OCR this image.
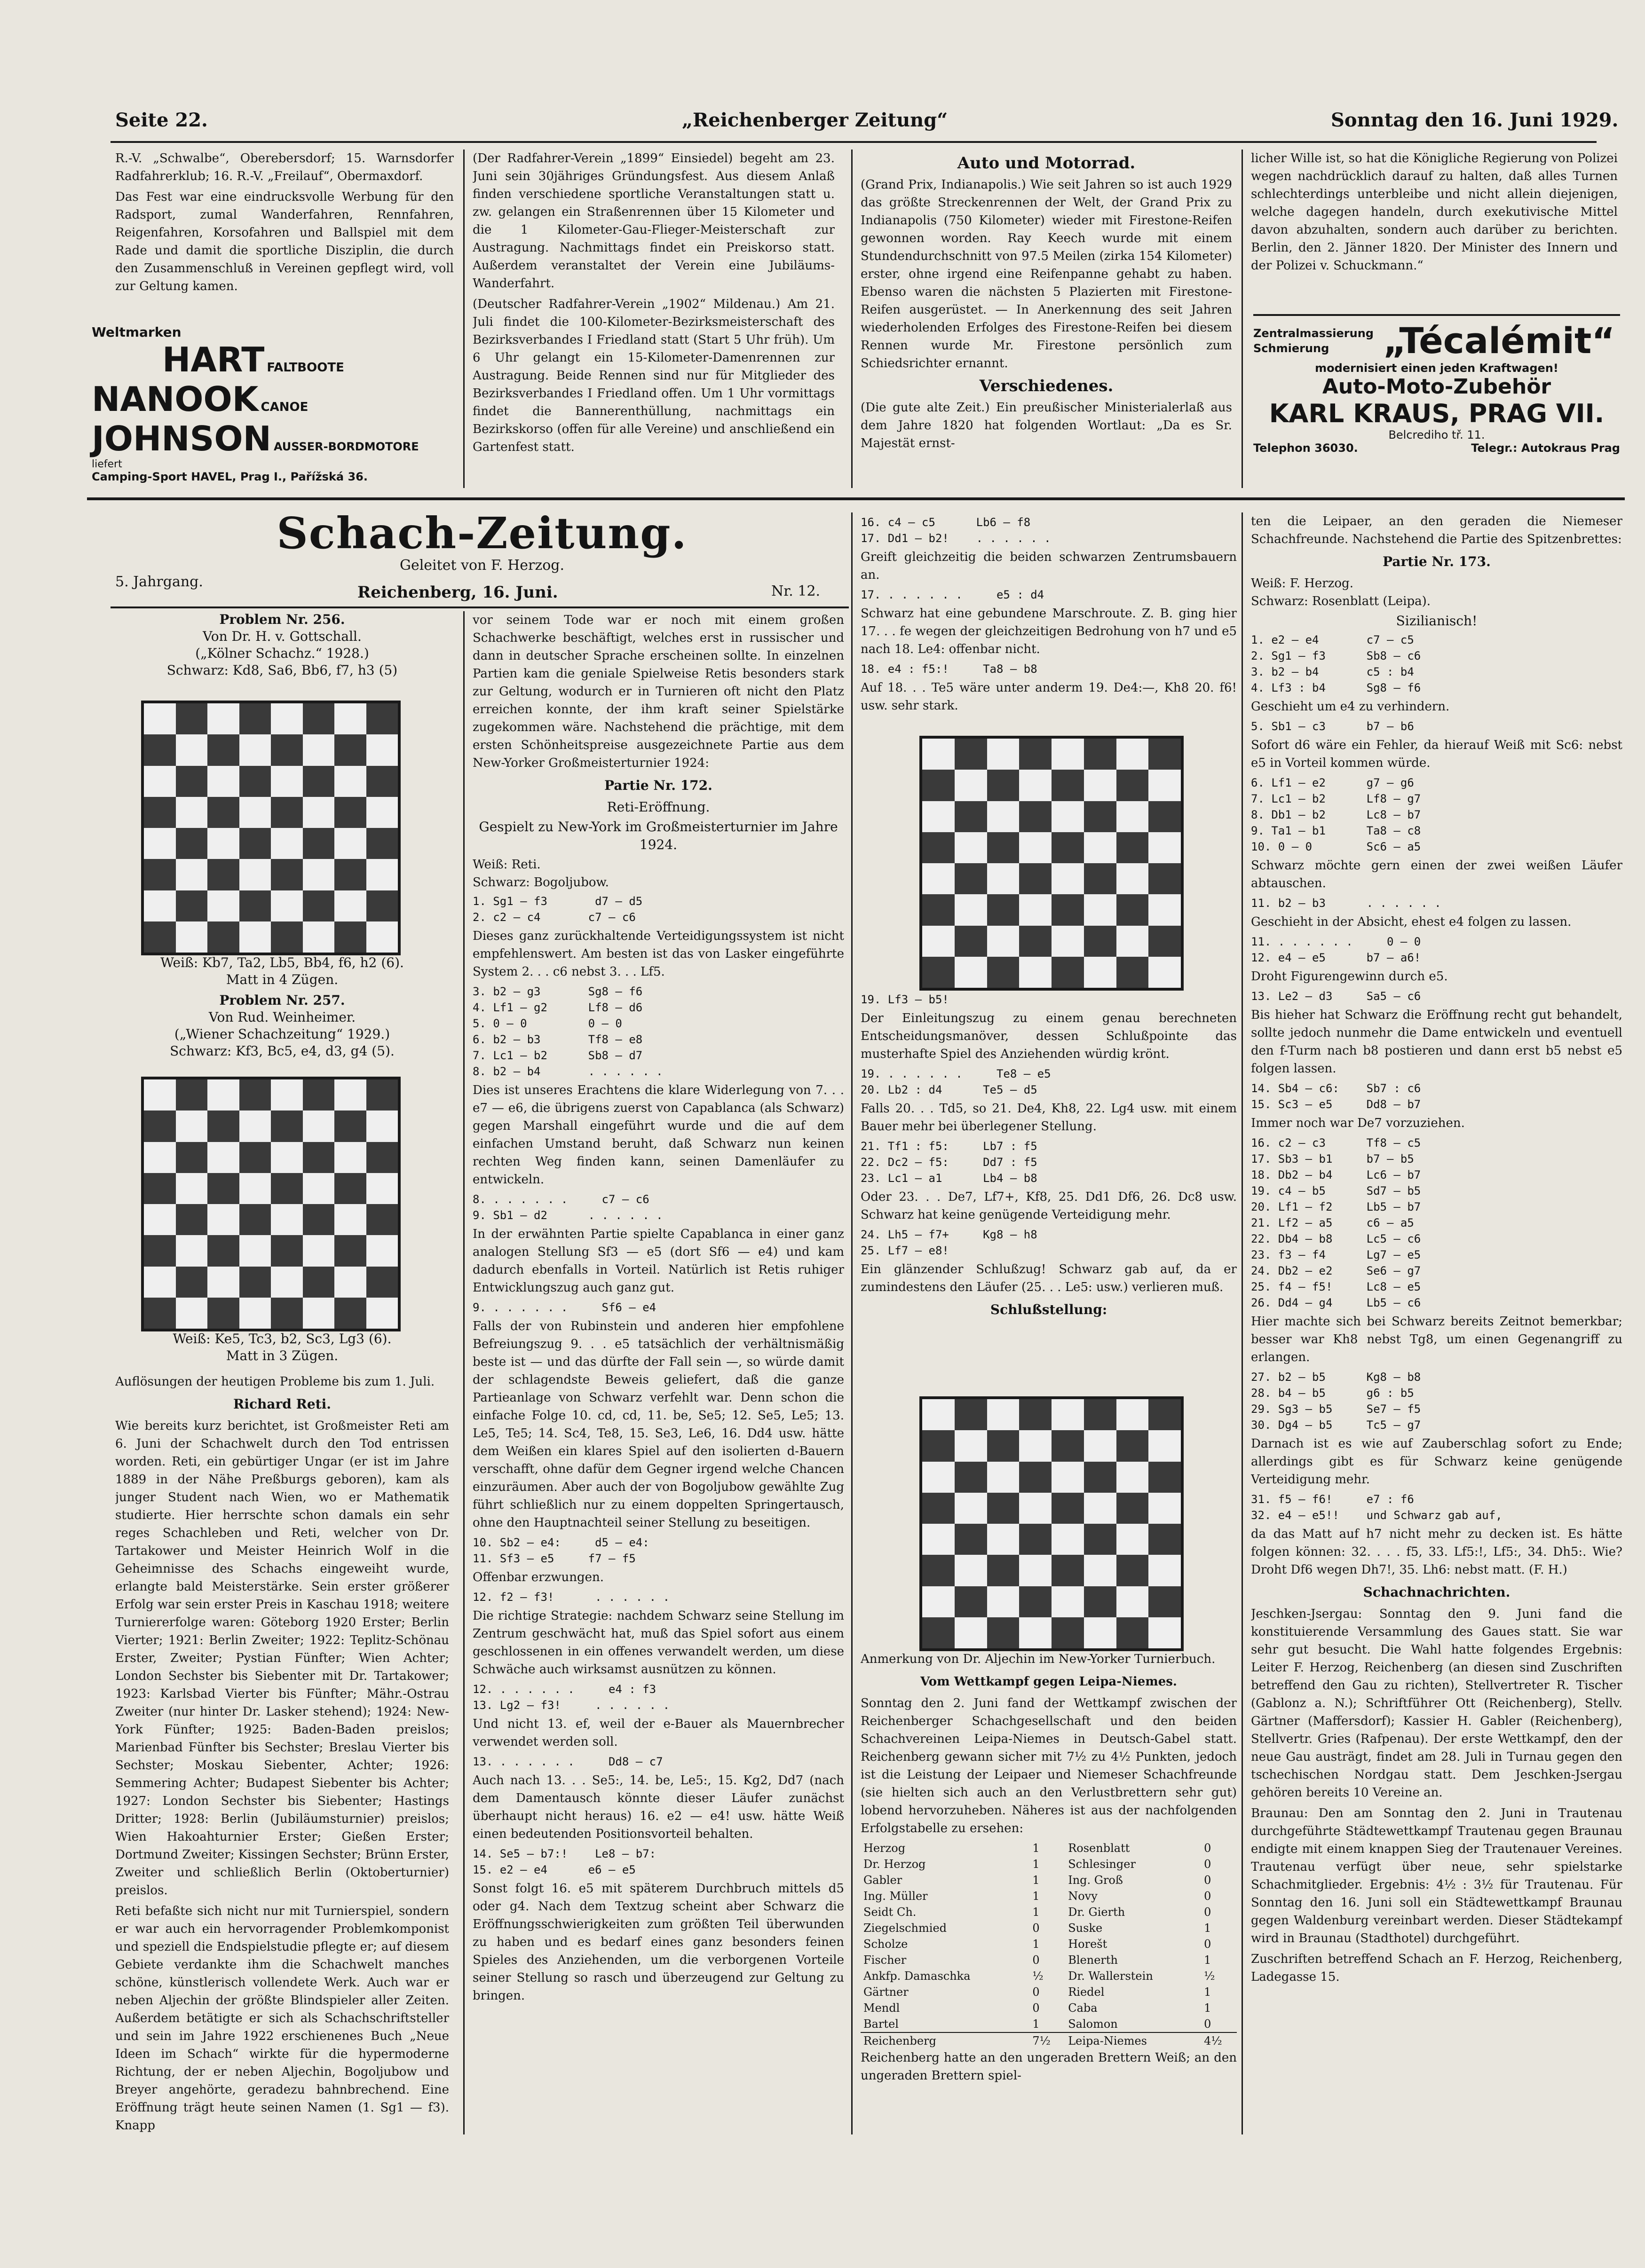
Seite 22.	„Reichenberger Zeitung“	Sonntag den 16. Juni 1929.

R.-V. „Schwalbe“, Oberebersdorf; 15. Warnsdorfer Radfahrerklub; 16. R.-V. „Freilauf“, Obermaxdorf.

Das Fest war eine eindrucksvolle Werbung für den Radsport, zumal Wanderfahren, Rennfahren, Reigenfahren, Korsofahren und Ballspiel mit dem Rade und damit die sportliche Disziplin, die durch den Zusammenschluß in Vereinen gepflegt wird, voll zur Geltung kamen.

Weltmarken
HART FALTBOOTE
NANOOK CANOE
JOHNSON AUSSER-BORDMOTORE
liefert
Camping-Sport HAVEL, Prag I., Pařížská 36.

(Der Radfahrer-Verein „1899“ Einsiedel) begeht am 23. Juni sein 30jähriges Gründungsfest. Aus diesem Anlaß finden verschiedene sportliche Veranstaltungen statt u. zw. gelangen ein Straßenrennen über 15 Kilometer und die 1 Kilometer-Gau-Flieger-Meisterschaft zur Austragung. Nachmittags findet ein Preiskorso statt. Außerdem veranstaltet der Verein eine Jubiläums-Wanderfahrt.

(Deutscher Radfahrer-Verein „1902“ Mildenau.) Am 21. Juli findet die 100-Kilometer-Bezirksmeisterschaft des Bezirksverbandes I Friedland statt (Start 5 Uhr früh). Um 6 Uhr gelangt ein 15-Kilometer-Damenrennen zur Austragung. Beide Rennen sind nur für Mitglieder des Bezirksverbandes I Friedland offen. Um 1 Uhr vormittags findet die Bannerenthüllung, nachmittags ein Bezirkskorso (offen für alle Vereine) und anschließend ein Gartenfest statt.

Auto und Motorrad.

(Grand Prix, Indianapolis.) Wie seit Jahren so ist auch 1929 das größte Streckenrennen der Welt, der Grand Prix zu Indianapolis (750 Kilometer) wieder mit Firestone-Reifen gewonnen worden. Ray Keech wurde mit einem Stundendurchschnitt von 97.5 Meilen (zirka 154 Kilometer) erster, ohne irgend eine Reifenpanne gehabt zu haben. Ebenso waren die nächsten 5 Plazierten mit Firestone-Reifen ausgerüstet. — In Anerkennung des seit Jahren wiederholenden Erfolges des Firestone-Reifen bei diesem Rennen wurde Mr. Firestone persönlich zum Schiedsrichter ernannt.

Verschiedenes.

(Die gute alte Zeit.) Ein preußischer Ministerialerlaß aus dem Jahre 1820 hat folgenden Wortlaut: „Da es Sr. Majestät ernst-

licher Wille ist, so hat die Königliche Regierung von Polizei wegen nachdrücklich darauf zu halten, daß alles Turnen schlechterdings unterbleibe und nicht allein diejenigen, welche dagegen handeln, durch exekutivische Mittel davon abzuhalten, sondern auch darüber zu berichten. Berlin, den 2. Jänner 1820. Der Minister des Innern und der Polizei v. Schuckmann.“

Zentralmassierung
Schmierung	„Técalémit“
modernisiert einen jeden Kraftwagen!
Auto-Moto-Zubehör
KARL KRAUS, PRAG VII.
Belcrediho tř. 11.
Telephon 36030.	Telegr.: Autokraus Prag
Schach-Zeitung.
Geleitet von F. Herzog.
5. Jahrgang.
Reichenberg, 16. Juni.	Nr. 12.
Problem Nr. 256.
Von Dr. H. v. Gottschall.
(„Kölner Schachz.“ 1928.)
Schwarz: Kd8, Sa6, Bb6, f7, h3 (5)
Weiß: Kb7, Ta2, Lb5, Bb4, f6, h2 (6).
Matt in 4 Zügen.
Problem Nr. 257.
Von Rud. Weinheimer.
(„Wiener Schachzeitung“ 1929.)
Schwarz: Kf3, Bc5, e4, d3, g4 (5).
Weiß: Ke5, Tc3, b2, Sc3, Lg3 (6).
Matt in 3 Zügen.

Auflösungen der heutigen Probleme bis zum 1. Juli.

Richard Reti.

Wie bereits kurz berichtet, ist Großmeister Reti am 6. Juni der Schachwelt durch den Tod entrissen worden. Reti, ein gebürtiger Ungar (er ist im Jahre 1889 in der Nähe Preßburgs geboren), kam als junger Student nach Wien, wo er Mathematik studierte. Hier herrschte schon damals ein sehr reges Schachleben und Reti, welcher von Dr. Tartakower und Meister Heinrich Wolf in die Geheimnisse des Schachs eingeweiht wurde, erlangte bald Meisterstärke. Sein erster größerer Erfolg war sein erster Preis in Kaschau 1918; weitere Turniererfolge waren: Göteborg 1920 Erster; Berlin Vierter; 1921: Berlin Zweiter; 1922: Teplitz-Schönau Erster, Zweiter; Pystian Fünfter; Wien Achter; London Sechster bis Siebenter mit Dr. Tartakower; 1923: Karlsbad Vierter bis Fünfter; Mähr.-Ostrau Zweiter (nur hinter Dr. Lasker stehend); 1924: New-York Fünfter; 1925: Baden-Baden preislos; Marienbad Fünfter bis Sechster; Breslau Vierter bis Sechster; Moskau Siebenter, Achter; 1926: Semmering Achter; Budapest Siebenter bis Achter; 1927: London Sechster bis Siebenter; Hastings Dritter; 1928: Berlin (Jubiläumsturnier) preislos; Wien Hakoahturnier Erster; Gießen Erster; Dortmund Zweiter; Kissingen Sechster; Brünn Erster, Zweiter und schließlich Berlin (Oktoberturnier) preislos.

Reti befaßte sich nicht nur mit Turnierspiel, sondern er war auch ein hervorragender Problemkomponist und speziell die Endspielstudie pflegte er; auf diesem Gebiete verdankte ihm die Schachwelt manches schöne, künstlerisch vollendete Werk. Auch war er neben Aljechin der größte Blindspieler aller Zeiten. Außerdem betätigte er sich als Schachschriftsteller und sein im Jahre 1922 erschienenes Buch „Neue Ideen im Schach“ wirkte für die hypermoderne Richtung, der er neben Aljechin, Bogoljubow und Breyer angehörte, geradezu bahnbrechend. Eine Eröffnung trägt heute seinen Namen (1. Sg1 — f3). Knapp

vor seinem Tode war er noch mit einem großen Schachwerke beschäftigt, welches erst in russischer und dann in deutscher Sprache erscheinen sollte. In einzelnen Partien kam die geniale Spielweise Retis besonders stark zur Geltung, wodurch er in Turnieren oft nicht den Platz erreichen konnte, der ihm kraft seiner Spielstärke zugekommen wäre. Nachstehend die prächtige, mit dem ersten Schönheitspreise ausgezeichnete Partie aus dem New-Yorker Großmeisterturnier 1924:

Partie Nr. 172.
Reti-Eröffnung.
Gespielt zu New-York im Großmeisterturnier im Jahre 1924.
Weiß: Reti.
Schwarz: Bogoljubow.
1. Sg1 — f3       d7 — d5
2. c2 — c4       c7 — c6

Dieses ganz zurückhaltende Verteidigungssystem ist nicht empfehlenswert. Am besten ist das von Lasker eingeführte System 2. . . c6 nebst 3. . . Lf5.

3. b2 — g3       Sg8 — f6
4. Lf1 — g2      Lf8 — d6
5. 0 — 0         0 — 0
6. b2 — b3       Tf8 — e8
7. Lc1 — b2      Sb8 — d7
8. b2 — b4       . . . . . .

Dies ist unseres Erachtens die klare Widerlegung von 7. . . e7 — e6, die übrigens zuerst von Capablanca (als Schwarz) gegen Marshall eingeführt wurde und die auf dem einfachen Umstand beruht, daß Schwarz nun keinen rechten Weg finden kann, seinen Damenläufer zu entwickeln.

8. . . . . . .     c7 — c6
9. Sb1 — d2      . . . . . .

In der erwähnten Partie spielte Capablanca in einer ganz analogen Stellung Sf3 — e5 (dort Sf6 — e4) und kam dadurch ebenfalls in Vorteil. Natürlich ist Retis ruhiger Entwicklungszug auch ganz gut.

9. . . . . . .     Sf6 — e4

Falls der von Rubinstein und anderen hier empfohlene Befreiungszug 9. . . e5 tatsächlich der verhältnismäßig beste ist — und das dürfte der Fall sein —, so würde damit der schlagendste Beweis geliefert, daß die ganze Partieanlage von Schwarz verfehlt war. Denn schon die einfache Folge 10. cd, cd, 11. be, Se5; 12. Se5, Le5; 13. Le5, Te5; 14. Sc4, Te8, 15. Se3, Le6, 16. Dd4 usw. hätte dem Weißen ein klares Spiel auf den isolierten d-Bauern verschafft, ohne dafür dem Gegner irgend welche Chancen einzuräumen. Aber auch der von Bogoljubow gewählte Zug führt schließlich nur zu einem doppelten Springertausch, ohne den Hauptnachteil seiner Stellung zu beseitigen.

10. Sb2 — e4:     d5 — e4:
11. Sf3 — e5     f7 — f5

Offenbar erzwungen.

12. f2 — f3!      . . . . . .

Die richtige Strategie: nachdem Schwarz seine Stellung im Zentrum geschwächt hat, muß das Spiel sofort aus einem geschlossenen in ein offenes verwandelt werden, um diese Schwäche auch wirksamst ausnützen zu können.

12. . . . . . .     e4 : f3
13. Lg2 — f3!     . . . . . .

Und nicht 13. ef, weil der e-Bauer als Mauernbrecher verwendet werden soll.

13. . . . . . .     Dd8 — c7

Auch nach 13. . . Se5:, 14. be, Le5:, 15. Kg2, Dd7 (nach dem Damentausch könnte dieser Läufer zunächst überhaupt nicht heraus) 16. e2 — e4! usw. hätte Weiß einen bedeutenden Positionsvorteil behalten.

14. Se5 — b7:!    Le8 — b7:
15. e2 — e4      e6 — e5

Sonst folgt 16. e5 mit späterem Durchbruch mittels d5 oder g4. Nach dem Textzug scheint aber Schwarz die Eröffnungsschwierigkeiten zum größten Teil überwunden zu haben und es bedarf eines ganz besonders feinen Spieles des Anziehenden, um die verborgenen Vorteile seiner Stellung so rasch und überzeugend zur Geltung zu bringen.

16. c4 — c5      Lb6 — f8
17. Dd1 — b2!    . . . . . .

Greift gleichzeitig die beiden schwarzen Zentrumsbauern an.

17. . . . . . .     e5 : d4

Schwarz hat eine gebundene Marschroute. Z. B. ging hier 17. . . fe wegen der gleichzeitigen Bedrohung von h7 und e5 nach 18. Le4: offenbar nicht.

18. e4 : f5:!     Ta8 — b8

Auf 18. . . Te5 wäre unter anderm 19. De4:—, Kh8 20. f6! usw. sehr stark.

19. Lf3 — b5!

Der Einleitungszug zu einem genau berechneten Entscheidungsmanöver, dessen Schlußpointe das musterhafte Spiel des Anziehenden würdig krönt.

19. . . . . . .     Te8 — e5
20. Lb2 : d4      Te5 — d5

Falls 20. . . Td5, so 21. De4, Kh8, 22. Lg4 usw. mit einem Bauer mehr bei überlegener Stellung.

21. Tf1 : f5:     Lb7 : f5
22. Dc2 — f5:     Dd7 : f5
23. Lc1 — a1      Lb4 — b8

Oder 23. . . De7, Lf7+, Kf8, 25. Dd1 Df6, 26. Dc8 usw. Schwarz hat keine genügende Verteidigung mehr.

24. Lh5 — f7+     Kg8 — h8
25. Lf7 — e8!

Ein glänzender Schlußzug! Schwarz gab auf, da er zumindestens den Läufer (25. . . Le5: usw.) verlieren muß.

Schlußstellung:

Anmerkung von Dr. Aljechin im New-Yorker Turnierbuch.

Vom Wettkampf gegen Leipa-Niemes.

Sonntag den 2. Juni fand der Wettkampf zwischen der Reichenberger Schachgesellschaft und den beiden Schachvereinen Leipa-Niemes in Deutsch-Gabel statt. Reichenberg gewann sicher mit 7½ zu 4½ Punkten, jedoch ist die Leistung der Leipaer und Niemeser Schachfreunde (sie hielten sich auch an den Verlustbrettern sehr gut) lobend hervorzuheben. Näheres ist aus der nachfolgenden Erfolgstabelle zu ersehen:

Herzog	1	Rosenblatt	0
Dr. Herzog	1	Schlesinger	0
Gabler	1	Ing. Groß	0
Ing. Müller	1	Novy	0
Seidt Ch.	1	Dr. Gierth	0
Ziegelschmied	0	Suske	1
Scholze	1	Horešt	0
Fischer	0	Blenerth	1
Ankfp. Damaschka	½	Dr. Wallerstein	½
Gärtner	0	Riedel	1
Mendl	0	Caba	1
Bartel	1	Salomon	0
Reichenberg	7½	Leipa-Niemes	4½

Reichenberg hatte an den ungeraden Brettern Weiß; an den ungeraden Brettern spiel-

ten die Leipaer, an den geraden die Niemeser Schachfreunde. Nachstehend die Partie des Spitzenbrettes:

Partie Nr. 173.
Weiß: F. Herzog.
Schwarz: Rosenblatt (Leipa).
Sizilianisch!
1. e2 — e4       c7 — c5
2. Sg1 — f3      Sb8 — c6
3. b2 — b4       c5 : b4
4. Lf3 : b4      Sg8 — f6

Geschieht um e4 zu verhindern.

5. Sb1 — c3      b7 — b6

Sofort d6 wäre ein Fehler, da hierauf Weiß mit Sc6: nebst e5 in Vorteil kommen würde.

6. Lf1 — e2      g7 — g6
7. Lc1 — b2      Lf8 — g7
8. Db1 — b2      Lc8 — b7
9. Ta1 — b1      Ta8 — c8
10. 0 — 0        Sc6 — a5

Schwarz möchte gern einen der zwei weißen Läufer abtauschen.

11. b2 — b3      . . . . . .

Geschieht in der Absicht, ehest e4 folgen zu lassen.

11. . . . . . .     0 — 0
12. e4 — e5      b7 — a6!

Droht Figurengewinn durch e5.

13. Le2 — d3     Sa5 — c6

Bis hieher hat Schwarz die Eröffnung recht gut behandelt, sollte jedoch nunmehr die Dame entwickeln und eventuell den f-Turm nach b8 postieren und dann erst b5 nebst e5 folgen lassen.

14. Sb4 — c6:    Sb7 : c6
15. Sc3 — e5     Dd8 — b7

Immer noch war De7 vorzuziehen.

16. c2 — c3      Tf8 — c5
17. Sb3 — b1     b7 — b5
18. Db2 — b4     Lc6 — b7
19. c4 — b5      Sd7 — b5
20. Lf1 — f2     Lb5 — b7
21. Lf2 — a5     c6 — a5
22. Db4 — b8     Lc5 — c6
23. f3 — f4      Lg7 — e5
24. Db2 — e2     Se6 — g7
25. f4 — f5!     Lc8 — e5
26. Dd4 — g4     Lb5 — c6

Hier machte sich bei Schwarz bereits Zeitnot bemerkbar; besser war Kh8 nebst Tg8, um einen Gegenangriff zu erlangen.

27. b2 — b5      Kg8 — b8
28. b4 — b5      g6 : b5
29. Sg3 — b5     Se7 — f5
30. Dg4 — b5     Tc5 — g7

Darnach ist es wie auf Zauberschlag sofort zu Ende; allerdings gibt es für Schwarz keine genügende Verteidigung mehr.

31. f5 — f6!     e7 : f6
32. e4 — e5!!    und Schwarz gab auf,

da das Matt auf h7 nicht mehr zu decken ist. Es hätte folgen können: 32. . . . f5, 33. Lf5:!, Lf5:, 34. Dh5:. Wie? Droht Df6 wegen Dh7!, 35. Lh6: nebst matt. (F. H.)

Schachnachrichten.

Jeschken-Jsergau: Sonntag den 9. Juni fand die konstituierende Versammlung des Gaues statt. Sie war sehr gut besucht. Die Wahl hatte folgendes Ergebnis: Leiter F. Herzog, Reichenberg (an diesen sind Zuschriften betreffend den Gau zu richten), Stellvertreter R. Tischer (Gablonz a. N.); Schriftführer Ott (Reichenberg), Stellv. Gärtner (Maffersdorf); Kassier H. Gabler (Reichenberg), Stellvertr. Gries (Rafpenau). Der erste Wettkampf, den der neue Gau austrägt, findet am 28. Juli in Turnau gegen den tschechischen Nordgau statt. Dem Jeschken-Jsergau gehören bereits 10 Vereine an.

Braunau: Den am Sonntag den 2. Juni in Trautenau durchgeführte Städtewettkampf Trautenau gegen Braunau endigte mit einem knappen Sieg der Trautenauer Vereines. Trautenau verfügt über neue, sehr spielstarke Schachmitglieder. Ergebnis: 4½ : 3½ für Trautenau. Für Sonntag den 16. Juni soll ein Städtewettkampf Braunau gegen Waldenburg vereinbart werden. Dieser Städtekampf wird in Braunau (Stadthotel) durchgeführt.

Zuschriften betreffend Schach an F. Herzog, Reichenberg, Ladegasse 15.
